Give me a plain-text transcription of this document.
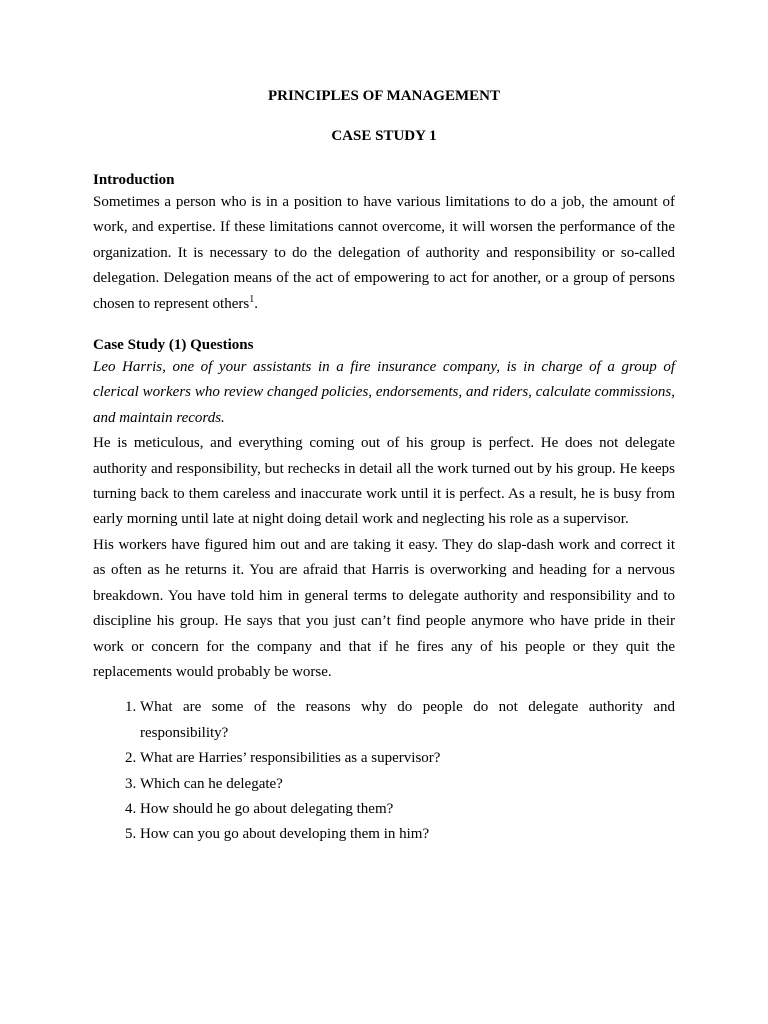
PRINCIPLES OF MANAGEMENT
CASE STUDY 1
Introduction

Sometimes a person who is in a position to have various limitations to do a job, the amount of work, and expertise. If these limitations cannot overcome, it will worsen the performance of the organization. It is necessary to do the delegation of authority and responsibility or so-called delegation. Delegation means of the act of empowering to act for another, or a group of persons chosen to represent others$^1$.

Case Study (1) Questions

Leo Harris, one of your assistants in a fire insurance company, is in charge of a group of clerical workers who review changed policies, endorsements, and riders, calculate commissions, and maintain records.

He is meticulous, and everything coming out of his group is perfect. He does not delegate authority and responsibility, but rechecks in detail all the work turned out by his group. He keeps turning back to them careless and inaccurate work until it is perfect. As a result, he is busy from early morning until late at night doing detail work and neglecting his role as a supervisor.

His workers have figured him out and are taking it easy. They do slap-dash work and correct it as often as he returns it. You are afraid that Harris is overworking and heading for a nervous breakdown. You have told him in general terms to delegate authority and responsibility and to discipline his group. He says that you just can’t find people anymore who have pride in their work or concern for the company and that if he fires any of his people or they quit the replacements would probably be worse.

1. What are some of the reasons why do people do not delegate authority and responsibility?
2. What are Harries’ responsibilities as a supervisor?
3. Which can he delegate?
4. How should he go about delegating them?
5. How can you go about developing them in him?
